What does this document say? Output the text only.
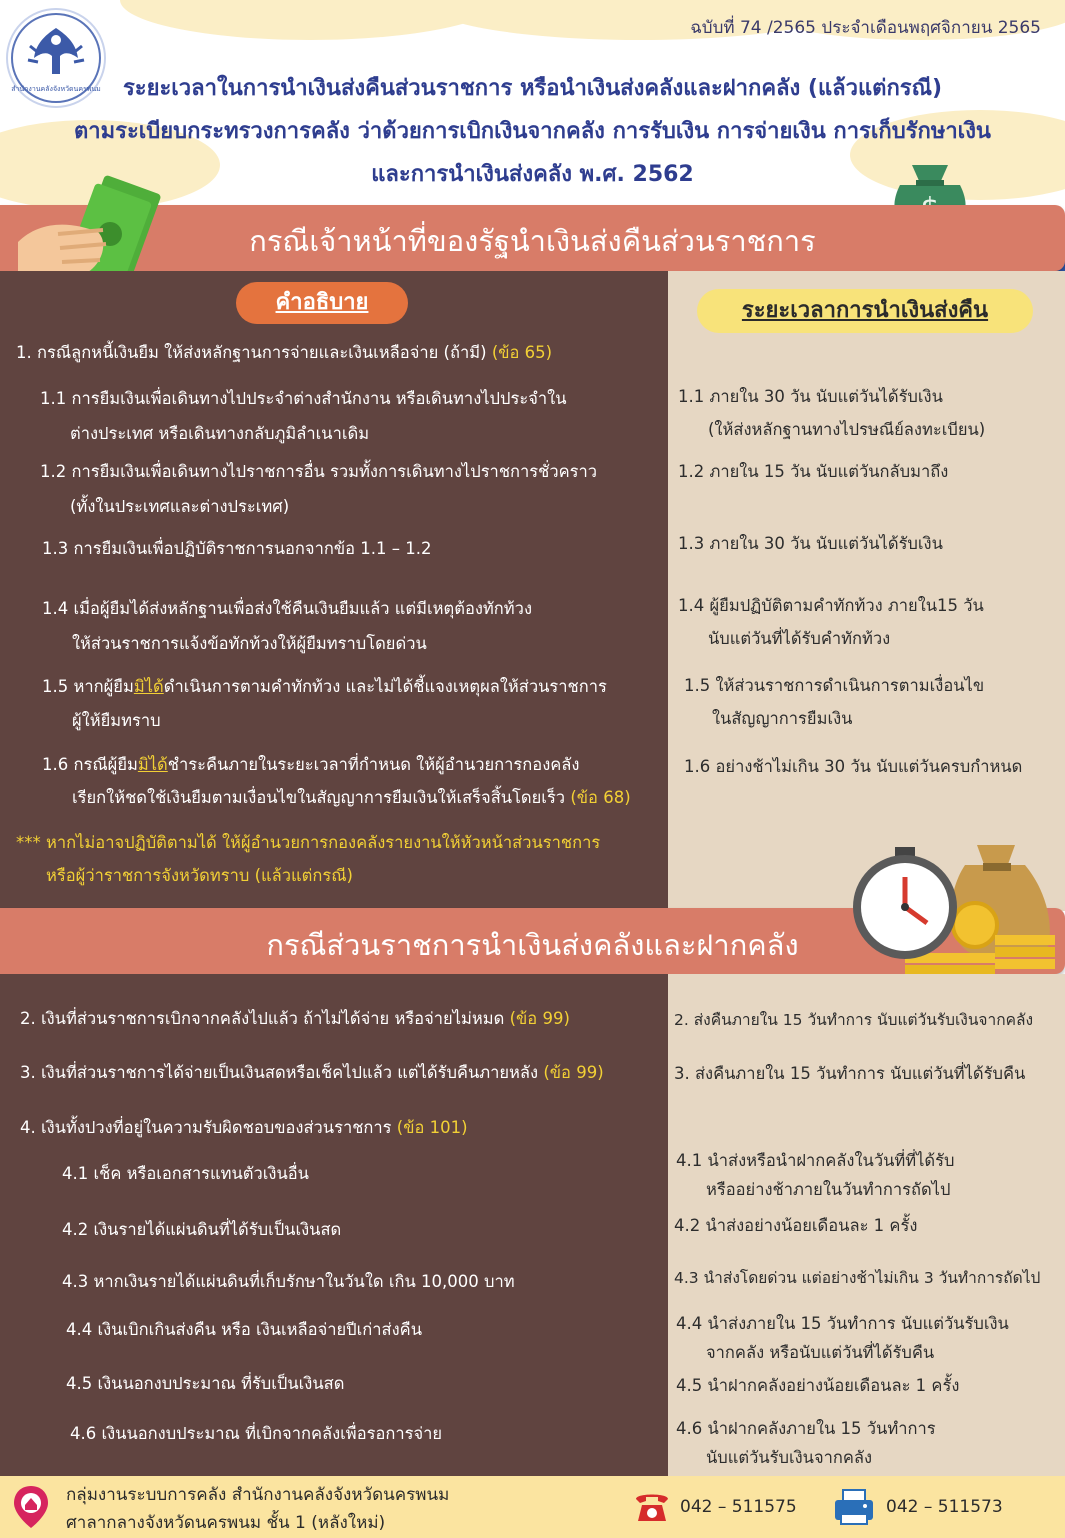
สำนักงานคลังจังหวัดนครพนม
ฉบับที่ 74 /2565 ประจำเดือนพฤศจิกายน 2565
ระยะเวลาในการนำเงินส่งคืนส่วนราชการ หรือนำเงินส่งคลังและฝากคลัง (แล้วแต่กรณี)
ตามระเบียบกระทรวงการคลัง ว่าด้วยการเบิกเงินจากคลัง การรับเงิน การจ่ายเงิน การเก็บรักษาเงิน
และการนำเงินส่งคลัง พ.ศ. 2562
กรณีเจ้าหน้าที่ของรัฐนำเงินส่งคืนส่วนราชการ
คำอธิบาย	ระยะเวลาการนำเงินส่งคืน
1. กรณีลูกหนี้เงินยืม ให้ส่งหลักฐานการจ่ายและเงินเหลือจ่าย (ถ้ามี) (ข้อ 65)
1.1 การยืมเงินเพื่อเดินทางไปประจำต่างสำนักงาน หรือเดินทางไปประจำใน
ต่างประเทศ หรือเดินทางกลับภูมิลำเนาเดิม
1.2 การยืมเงินเพื่อเดินทางไปราชการอื่น รวมทั้งการเดินทางไปราชการชั่วคราว
(ทั้งในประเทศและต่างประเทศ)
1.3 การยืมเงินเพื่อปฏิบัติราชการนอกจากข้อ 1.1 – 1.2
1.4 เมื่อผู้ยืมได้ส่งหลักฐานเพื่อส่งใช้คืนเงินยืมแล้ว แต่มีเหตุต้องทักท้วง
ให้ส่วนราชการแจ้งข้อทักท้วงให้ผู้ยืมทราบโดยด่วน
1.5 หากผู้ยืมมิได้ดำเนินการตามคำทักท้วง และไม่ได้ชี้แจงเหตุผลให้ส่วนราชการ
ผู้ให้ยืมทราบ
1.6 กรณีผู้ยืมมิได้ชำระคืนภายในระยะเวลาที่กำหนด ให้ผู้อำนวยการกองคลัง
เรียกให้ชดใช้เงินยืมตามเงื่อนไขในสัญญาการยืมเงินให้เสร็จสิ้นโดยเร็ว (ข้อ 68)
*** หากไม่อาจปฏิบัติตามได้ ให้ผู้อำนวยการกองคลังรายงานให้หัวหน้าส่วนราชการ
หรือผู้ว่าราชการจังหวัดทราบ (แล้วแต่กรณี)
1.1 ภายใน 30 วัน นับแต่วันได้รับเงิน
(ให้ส่งหลักฐานทางไปรษณีย์ลงทะเบียน)
1.2 ภายใน 15 วัน นับแต่วันกลับมาถึง
1.3 ภายใน 30 วัน นับแต่วันได้รับเงิน
1.4 ผู้ยืมปฏิบัติตามคำทักท้วง ภายใน15 วัน
นับแต่วันที่ได้รับคำทักท้วง
1.5 ให้ส่วนราชการดำเนินการตามเงื่อนไข
ในสัญญาการยืมเงิน
1.6 อย่างช้าไม่เกิน 30 วัน นับแต่วันครบกำหนด
กรณีส่วนราชการนำเงินส่งคลังและฝากคลัง
2. เงินที่ส่วนราชการเบิกจากคลังไปแล้ว ถ้าไม่ได้จ่าย หรือจ่ายไม่หมด (ข้อ 99)
3. เงินที่ส่วนราชการได้จ่ายเป็นเงินสดหรือเช็คไปแล้ว แต่ได้รับคืนภายหลัง (ข้อ 99)
4. เงินทั้งปวงที่อยู่ในความรับผิดชอบของส่วนราชการ (ข้อ 101)
4.1 เช็ค หรือเอกสารแทนตัวเงินอื่น
4.2 เงินรายได้แผ่นดินที่ได้รับเป็นเงินสด
4.3 หากเงินรายได้แผ่นดินที่เก็บรักษาในวันใด เกิน 10,000 บาท
4.4 เงินเบิกเกินส่งคืน หรือ เงินเหลือจ่ายปีเก่าส่งคืน
4.5 เงินนอกงบประมาณ ที่รับเป็นเงินสด
4.6 เงินนอกงบประมาณ ที่เบิกจากคลังเพื่อรอการจ่าย
2. ส่งคืนภายใน 15 วันทำการ นับแต่วันรับเงินจากคลัง
3. ส่งคืนภายใน 15 วันทำการ นับแต่วันที่ได้รับคืน
4.1 นำส่งหรือนำฝากคลังในวันที่ที่ได้รับ
หรืออย่างช้าภายในวันทำการถัดไป
4.2 นำส่งอย่างน้อยเดือนละ 1 ครั้ง
4.3 นำส่งโดยด่วน แต่อย่างช้าไม่เกิน 3 วันทำการถัดไป
4.4 นำส่งภายใน 15 วันทำการ นับแต่วันรับเงิน
จากคลัง หรือนับแต่วันที่ได้รับคืน
4.5 นำฝากคลังอย่างน้อยเดือนละ 1 ครั้ง
4.6 นำฝากคลังภายใน 15 วันทำการ
นับแต่วันรับเงินจากคลัง
กลุ่มงานระบบการคลัง สำนักงานคลังจังหวัดนครพนม
ศาลากลางจังหวัดนครพนม ชั้น 1 (หลังใหม่)
042 – 511575	042 – 511573
